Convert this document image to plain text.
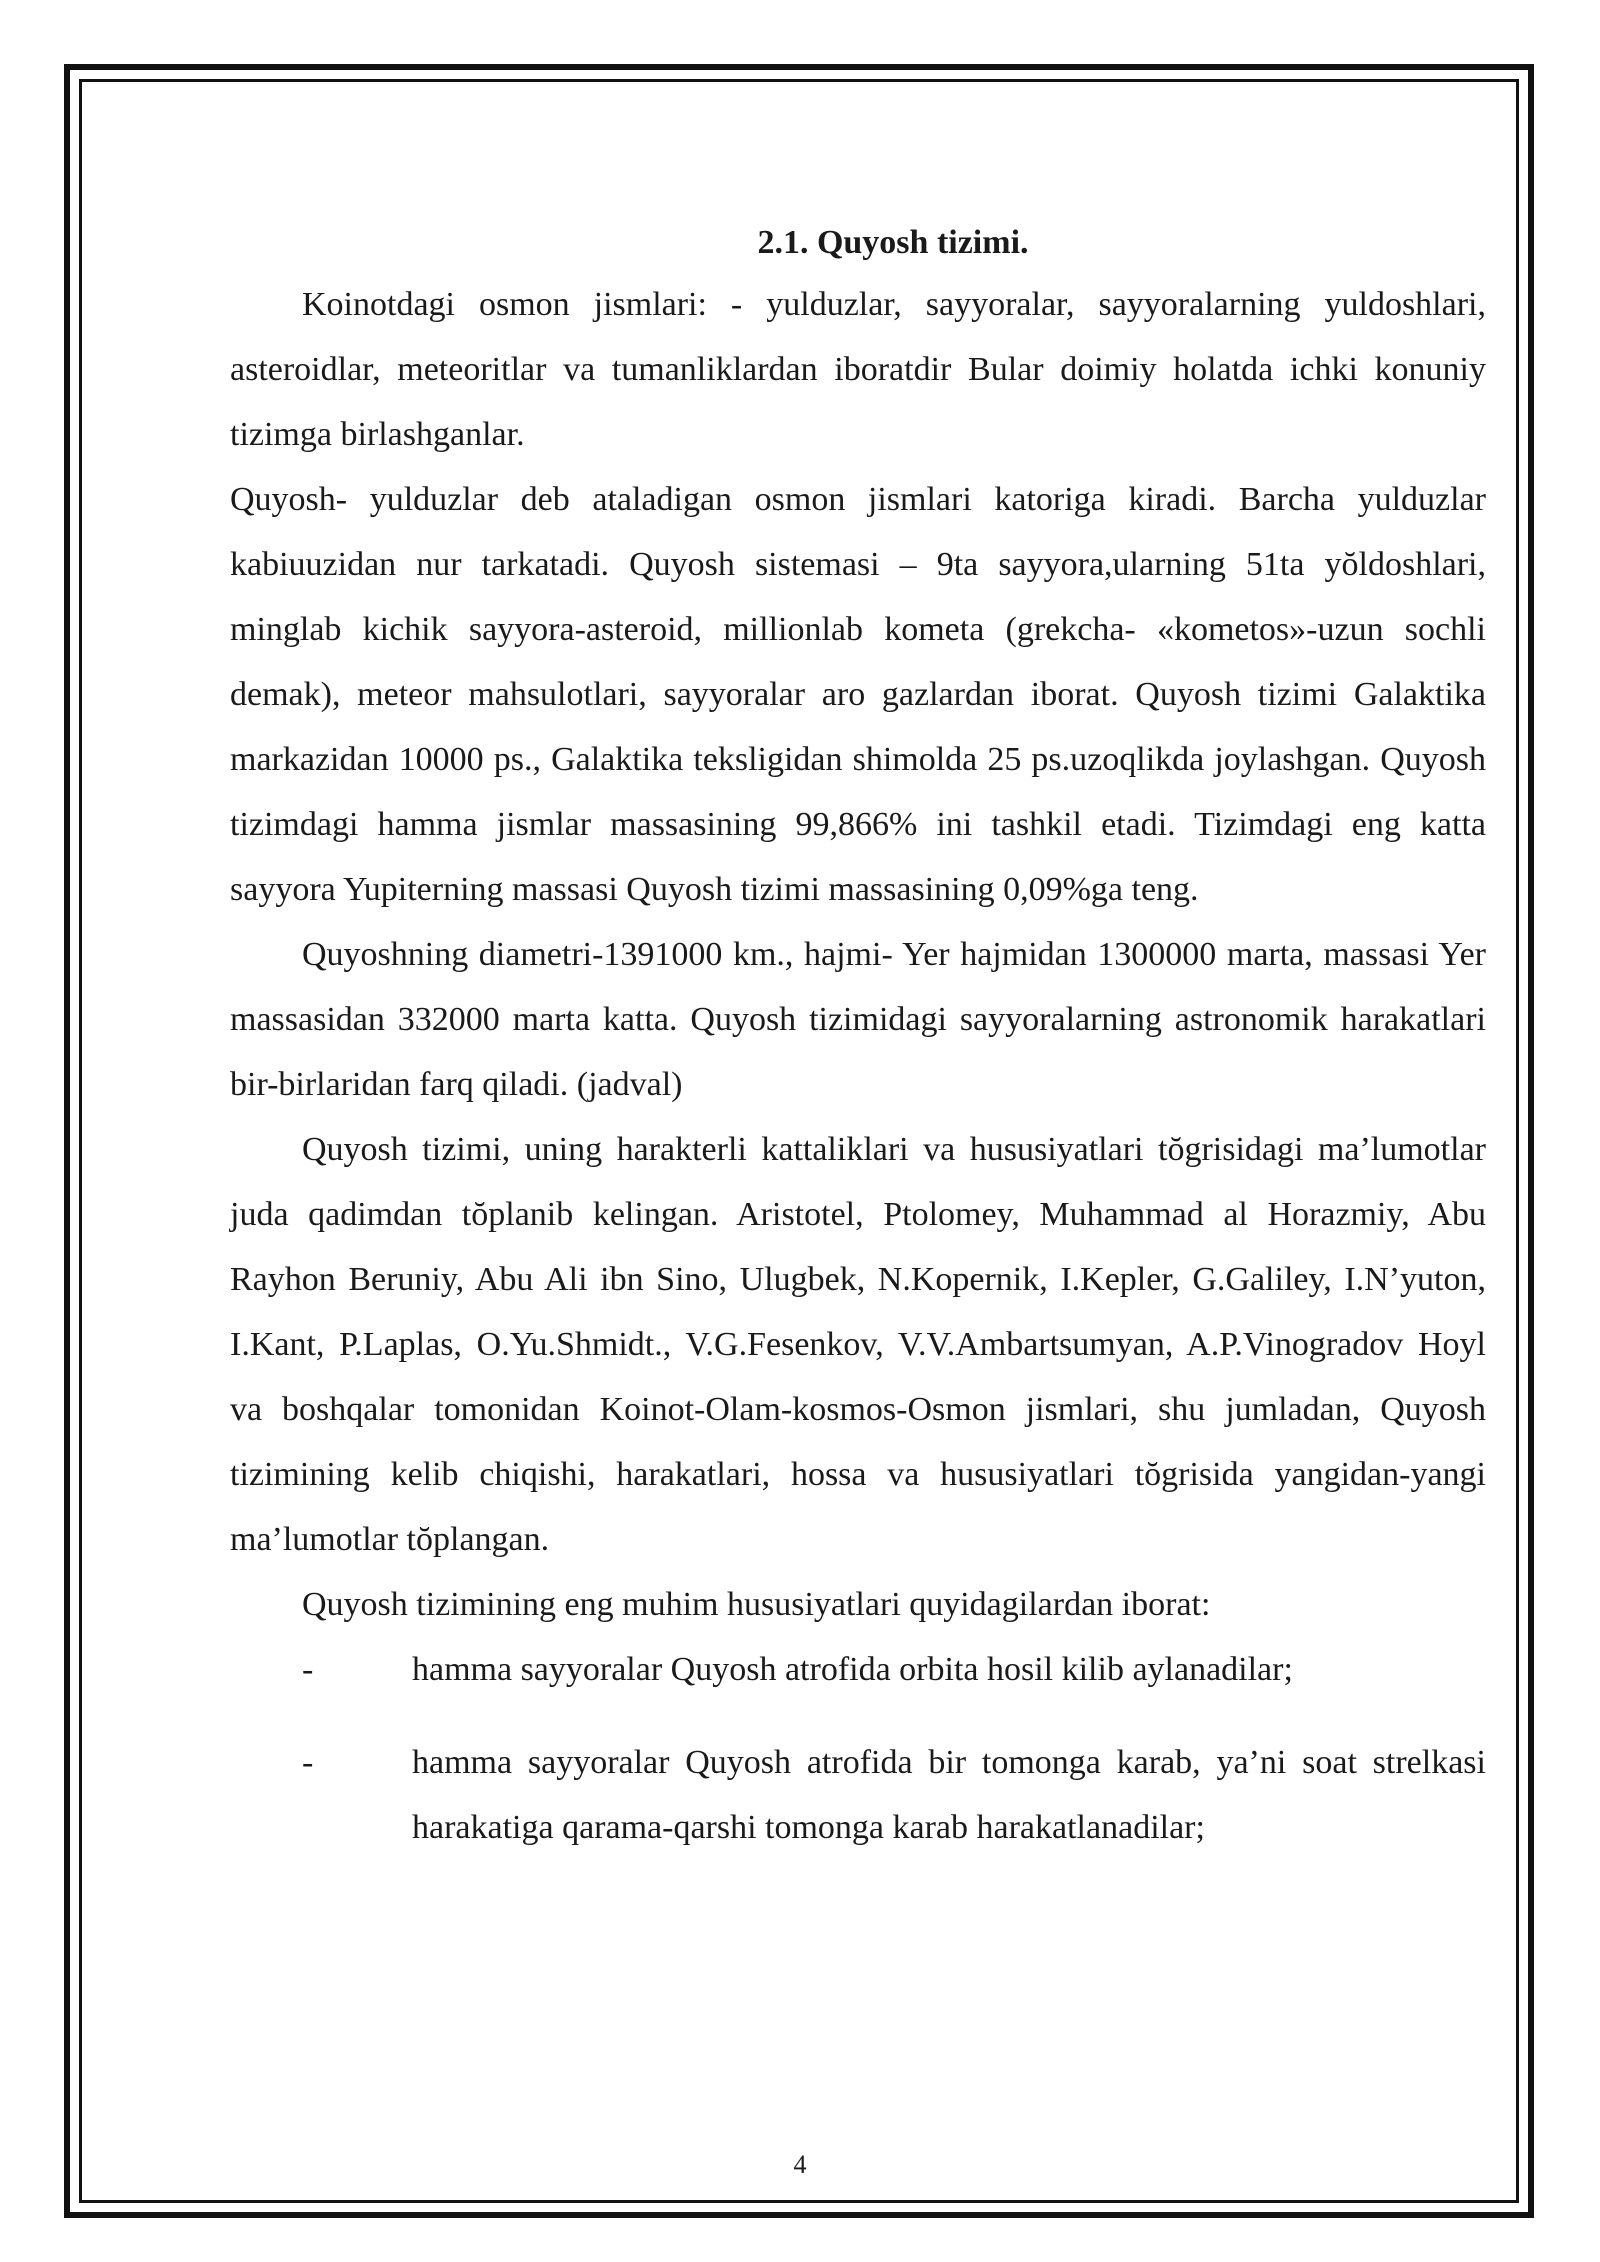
2.1. Quyosh tizimi.

Koinotdagi osmon jismlari: - yulduzlar, sayyoralar, sayyoralarning yuldoshlari, asteroidlar, meteoritlar va tumanliklardan iboratdir Bular doimiy holatda ichki konuniy tizimga birlashganlar.

Quyosh- yulduzlar deb ataladigan osmon jismlari katoriga kiradi. Barcha yulduzlar kabiuuzidan nur tarkatadi. Quyosh sistemasi – 9ta sayyora,ularning 51ta yŏldoshlari, minglab kichik sayyora-asteroid, millionlab kometa (grekcha- «kometos»-uzun sochli demak), meteor mahsulotlari, sayyoralar aro gazlardan iborat. Quyosh tizimi Galaktika markazidan 10000 ps., Galaktika teksligidan shimolda 25 ps.uzoqlikda joylashgan. Quyosh tizimdagi hamma jismlar massasining 99,866% ini tashkil etadi. Tizimdagi eng katta sayyora Yupiterning massasi Quyosh tizimi massasining 0,09%ga teng.

Quyoshning diametri-1391000 km., hajmi- Yer hajmidan 1300000 marta, massasi Yer massasidan 332000 marta katta. Quyosh tizimidagi sayyoralarning astronomik harakatlari bir-birlaridan farq qiladi. (jadval)

Quyosh tizimi, uning harakterli kattaliklari va hususiyatlari tŏgrisidagi ma’lumotlar juda qadimdan tŏplanib kelingan. Aristotel, Ptolomey, Muhammad al Horazmiy, Abu Rayhon Beruniy, Abu Ali ibn Sino, Ulugbek, N.Kopernik, I.Kepler, G.Galiley, I.N’yuton, I.Kant, P.Laplas, O.Yu.Shmidt., V.G.Fesenkov, V.V.Ambartsumyan, A.P.Vinogradov Hoyl va boshqalar tomonidan Koinot-Olam-kosmos-Osmon jismlari, shu jumladan, Quyosh tizimining kelib chiqishi, harakatlari, hossa va hususiyatlari tŏgrisida yangidan-yangi ma’lumotlar tŏplangan.

Quyosh tizimining eng muhim hususiyatlari quyidagilardan iborat:

-	hamma sayyoralar Quyosh atrofida orbita hosil kilib aylanadilar;

-	hamma sayyoralar Quyosh atrofida bir tomonga karab, ya’ni soat strelkasi harakatiga qarama-qarshi tomonga karab harakatlanadilar;

4
